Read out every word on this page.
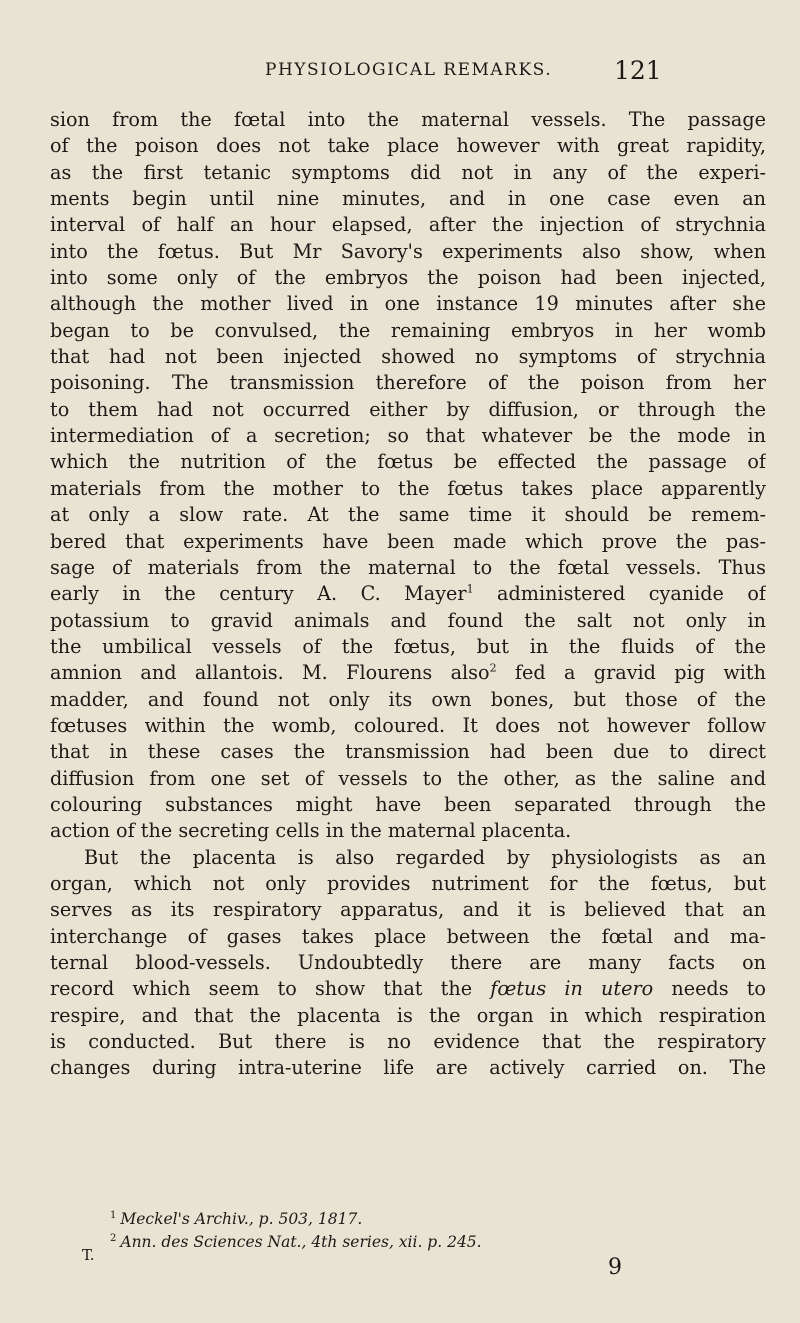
PHYSIOLOGICAL REMARKS. 121
sion from the fœtal into the maternal vessels. The passage
of the poison does not take place however with great rapidity,
as the first tetanic symptoms did not in any of the experi-
ments begin until nine minutes, and in one case even an
interval of half an hour elapsed, after the injection of strychnia
into the fœtus. But Mr Savory's experiments also show, when
into some only of the embryos the poison had been injected,
although the mother lived in one instance 19 minutes after she
began to be convulsed, the remaining embryos in her womb
that had not been injected showed no symptoms of strychnia
poisoning. The transmission therefore of the poison from her
to them had not occurred either by diffusion, or through the
intermediation of a secretion; so that whatever be the mode in
which the nutrition of the fœtus be effected the passage of
materials from the mother to the fœtus takes place apparently
at only a slow rate. At the same time it should be remem-
bered that experiments have been made which prove the pas-
sage of materials from the maternal to the fœtal vessels. Thus
early in the century A. C. Mayer$^1$ administered cyanide of
potassium to gravid animals and found the salt not only in
the umbilical vessels of the fœtus, but in the fluids of the
amnion and allantois. M. Flourens also$^2$ fed a gravid pig with
madder, and found not only its own bones, but those of the
fœtuses within the womb, coloured. It does not however follow
that in these cases the transmission had been due to direct
diffusion from one set of vessels to the other, as the saline and
colouring substances might have been separated through the
action of the secreting cells in the maternal placenta.
But the placenta is also regarded by physiologists as an
organ, which not only provides nutriment for the fœtus, but
serves as its respiratory apparatus, and it is believed that an
interchange of gases takes place between the fœtal and ma-
ternal blood-vessels. Undoubtedly there are many facts on
record which seem to show that the fœtus in utero needs to
respire, and that the placenta is the organ in which respiration
is conducted. But there is no evidence that the respiratory
changes during intra-uterine life are actively carried on. The
$^1$ Meckel's Archiv., p. 503, 1817.
$^2$ Ann. des Sciences Nat., 4th series, xii. p. 245.
T.	9
